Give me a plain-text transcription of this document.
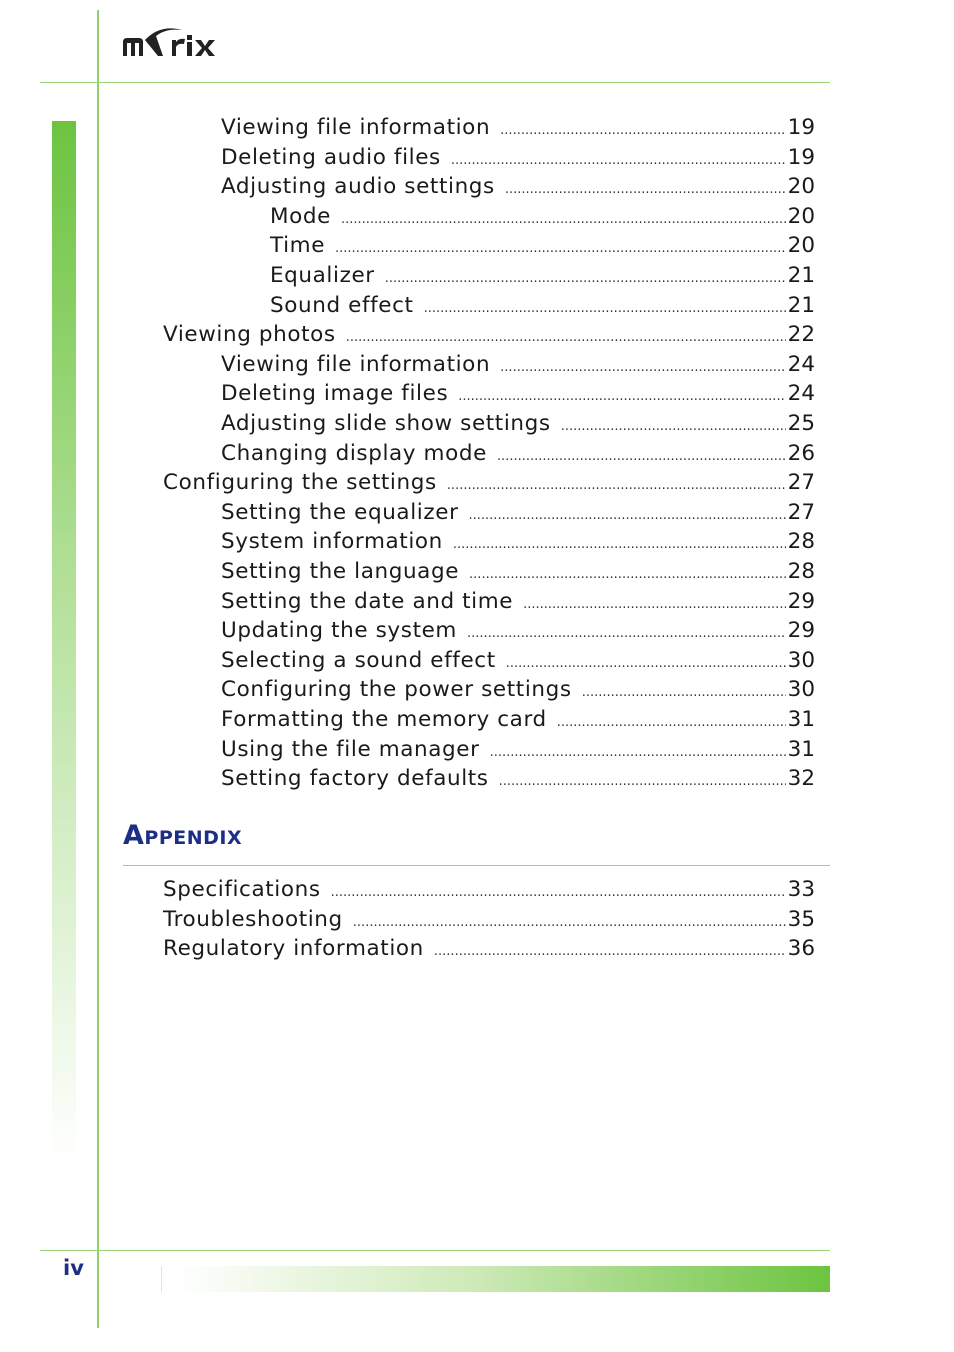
Viewing file information .....	19
Deleting audio files .....	19
Adjusting audio settings .....	20
Mode .....	20
Time .....	20
Equalizer .....	21
Sound effect .....	21
Viewing photos .....	22
Viewing file information .....	24
Deleting image files .....	24
Adjusting slide show settings .....	25
Changing display mode .....	26
Configuring the settings .....	27
Setting the equalizer .....	27
System information .....	28
Setting the language .....	28
Setting the date and time .....	29
Updating the system .....	29
Selecting a sound effect .....	30
Configuring the power settings .....	30
Formatting the memory card .....	31
Using the file manager .....	31
Setting factory defaults .....	32
Specifications .....	33
Troubleshooting .....	35
Regulatory information .....	36
Appendix
iv
